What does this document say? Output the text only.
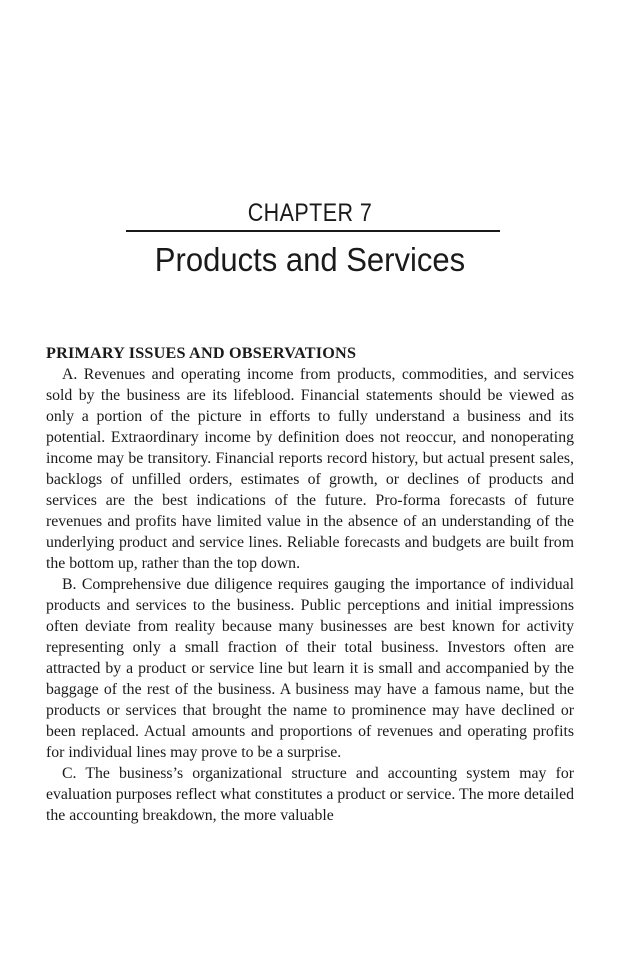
CHAPTER 7
Products and Services
PRIMARY ISSUES AND OBSERVATIONS

A. Revenues and operating income from products, commodities, and services sold by the business are its lifeblood. Financial statements should be viewed as only a portion of the picture in efforts to fully understand a business and its potential. Extraordinary income by definition does not reoccur, and nonoperating income may be transitory. Financial reports record history, but actual present sales, backlogs of unfilled orders, estimates of growth, or declines of products and services are the best indications of the future. Pro-forma forecasts of future revenues and profits have limited value in the absence of an understanding of the underlying product and service lines. Reliable forecasts and budgets are built from the bottom up, rather than the top down.

B. Comprehensive due diligence requires gauging the importance of individual products and services to the business. Public perceptions and initial impressions often deviate from reality because many businesses are best known for activity representing only a small fraction of their total business. Investors often are attracted by a product or service line but learn it is small and accompanied by the baggage of the rest of the business. A business may have a famous name, but the products or services that brought the name to prominence may have declined or been replaced. Actual amounts and proportions of revenues and operating profits for individual lines may prove to be a surprise.

C. The business’s organizational structure and accounting system may for evaluation purposes reflect what constitutes a product or service. The more detailed the accounting breakdown, the more valuable
